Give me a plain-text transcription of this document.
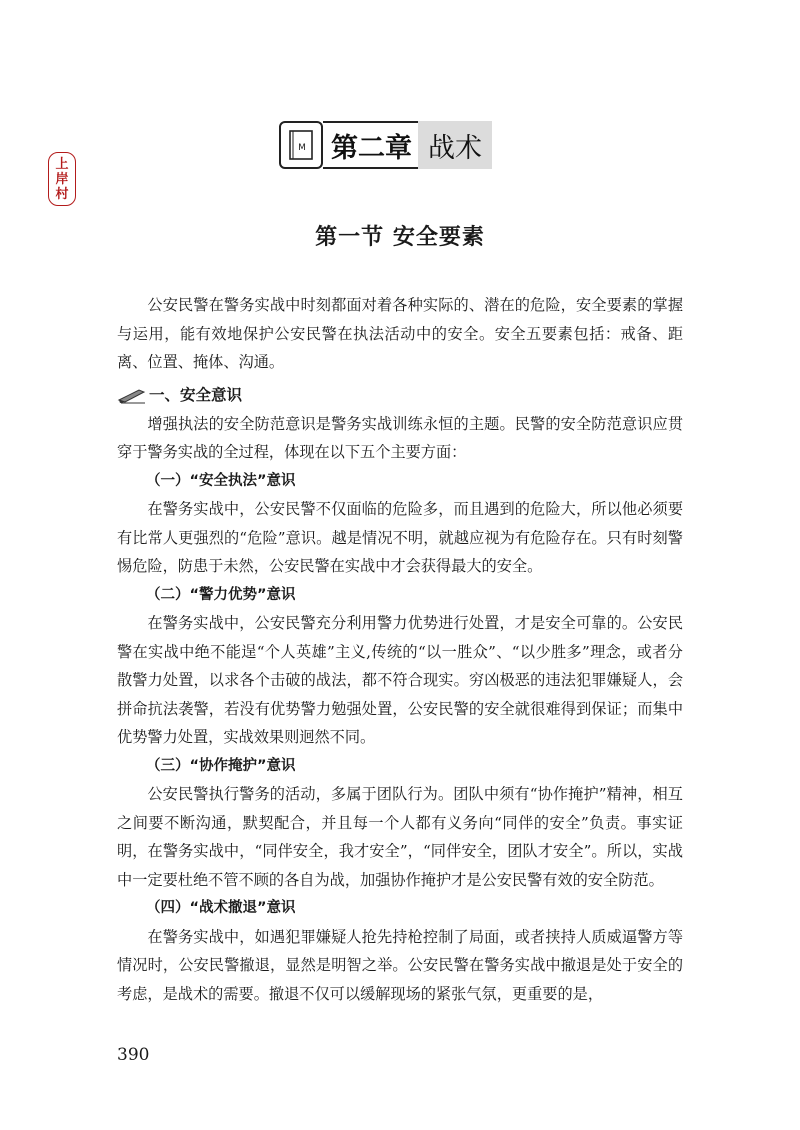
上
岸
村
M 第二章 战术
第一节 安全要素

公安民警在警务实战中时刻都面对着各种实际的、潜在的危险，安全要素的掌握与运用，能有效地保护公安民警在执法活动中的安全。安全五要素包括：戒备、距离、位置、掩体、沟通。

一、安全意识

增强执法的安全防范意识是警务实战训练永恒的主题。民警的安全防范意识应贯穿于警务实战的全过程，体现在以下五个主要方面：

（一）“安全执法”意识

在警务实战中，公安民警不仅面临的危险多，而且遇到的危险大，所以他必须要有比常人更强烈的“危险”意识。越是情况不明，就越应视为有危险存在。只有时刻警惕危险，防患于未然，公安民警在实战中才会获得最大的安全。

（二）“警力优势”意识

在警务实战中，公安民警充分利用警力优势进行处置，才是安全可靠的。公安民警在实战中绝不能逞“个人英雄”主义,传统的“以一胜众”、“以少胜多”理念，或者分散警力处置，以求各个击破的战法，都不符合现实。穷凶极恶的违法犯罪嫌疑人，会拼命抗法袭警，若没有优势警力勉强处置，公安民警的安全就很难得到保证；而集中优势警力处置，实战效果则迥然不同。

（三）“协作掩护”意识

公安民警执行警务的活动，多属于团队行为。团队中须有“协作掩护”精神，相互之间要不断沟通，默契配合，并且每一个人都有义务向“同伴的安全”负责。事实证明，在警务实战中，“同伴安全，我才安全”，“同伴安全，团队才安全”。所以，实战中一定要杜绝不管不顾的各自为战，加强协作掩护才是公安民警有效的安全防范。

（四）“战术撤退”意识

在警务实战中，如遇犯罪嫌疑人抢先持枪控制了局面，或者挟持人质威逼警方等情况时，公安民警撤退，显然是明智之举。公安民警在警务实战中撤退是处于安全的考虑，是战术的需要。撤退不仅可以缓解现场的紧张气氛，更重要的是，

390
